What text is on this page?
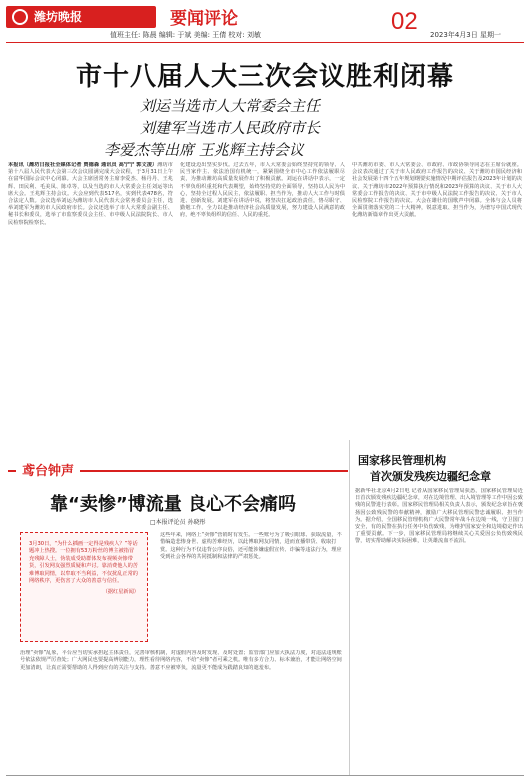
潍坊晚报	要闻评论
值班主任: 陈晨 编辑: 于斌 美编: 王倩 校对: 刘敏	02 2023年4月3日 星期一
市十八届人大三次会议胜利闭幕
刘运当选市人大常委会主任
刘建军当选市人民政府市长
李爱杰等出席 王兆辉主持会议
本报讯（潍坊日报社全媒体记者 贾德森 通讯员 高宁宁 郭文凌）潍坊市第十八届人民代表大会第三次会议圆满完成大会议程，于3月31日上午在富华国际会议中心闭幕。大会主席团常务主席李爱杰、杨丹丹、王兆辉、田民利、毛美凤、陈卓等，以及当选的市人大常委会主任刘运等出席大会。王兆辉主持会议。大会应到代表517名，实到代表478名，符合法定人数。会议选举刘运为潍坊市人民代表大会常务委员会主任，选举刘建军为潍坊市人民政府市长。会议还选举了市人大常委会副主任、秘书长和委员，选举了市监察委员会主任、市中级人民法院院长、市人民检察院检察长。
化建设迈出坚实步伐。过去五年，市人大常委会始终坚持党的领导、人民当家作主、依法治国有机统一，紧紧围绕全市中心工作依法履职尽责，为推动潍坊高质量发展作出了积极贡献。刘运在讲话中表示，一定不辜负组织重托和代表期望，始终坚持党的全面领导，坚持以人民为中心，坚持全过程人民民主，依法履职、担当作为，推动人大工作与时俱进、创新发展。刘建军在讲话中说，将坚决扛起政治责任，恪尽职守、勤勉工作，全力以赴推动经济社会高质量发展，努力建设人民满意的政府，绝不辜负组织的信任、人民的重托。
中共潍坊市委、市人大常委会、市政府、市政协领导同志在主席台就座。会议表决通过了关于市人民政府工作报告的决议、关于潍坊市国民经济和社会发展第十四个五年规划纲要实施情况中期评估报告及2023年计划的决议、关于潍坊市2022年预算执行情况和2023年预算的决议、关于市人大常委会工作报告的决议、关于市中级人民法院工作报告的决议、关于市人民检察院工作报告的决议。大会在雄壮的国歌声中闭幕。全体与会人员将全面贯彻落实党的二十大精神，锐意进取、担当作为，为谱写中国式现代化潍坊新篇章作出更大贡献。
鸢台钟声
靠“卖惨”博流量 良心不会痛吗
□本报评论员 孙晓彤
3月30日，“为什么插画一定得是残疾人？”等话题冲上热搜。一位拥有53万粉丝的博主被指冒充残障人士，伪装成受助群体发布视频卖惨带货，引发网友强烈质疑和声讨。靠消费他人的苦难博取同情，以牟取不当利益，不仅扰乱正常的网络秩序，更伤害了大众的善意与信任。
（据红星新闻）
这些年来，网络上“卖惨”营销时有发生。一些账号为了吸引眼球、获取流量，不惜编造悲惨身世、虚构苦难经历，以此博取网友同情，进而直播带货、收取打赏。这种行为不仅违背公序良俗，还可能涉嫌虚假宣传、诈骗等违法行为，理应受到社会各界的共同抵制和法律的严肃惩处。
治理“卖惨”乱象，平台应当切实承担起主体责任，完善审核机制，对虚假内容及时发现、及时处置；监管部门应加大执法力度，对违法违规账号依法依规严厉查处；广大网民也要提高辨别能力，理性看待网络内容，不给“卖惨”者可乘之机。唯有多方合力、标本兼治，才能让网络空间更加清朗，让真正需要帮助的人得到应有的关注与支持。善意不应被辜负，流量更不能成为践踏良知的遮羞布。
国家移民管理机构
首次颁发残疾边疆纪念章
据新华社北京4月2日电 记者从国家移民管理局获悉，国家移民管理局近日首次颁发残疾边疆纪念章，对在边境管理、出入境管理等工作中因公致残的民警进行表彰。国家移民管理局相关负责人表示，颁发纪念章旨在褒扬因公致残民警的奉献精神，激励广大移民管理民警忠诚履职、担当作为。据介绍，全国移民管理机构广大民警常年战斗在边境一线，守卫国门安全，有的民警在执行任务中负伤致残，为维护国家安全和边境稳定作出了重要贡献。下一步，国家移民管理局将继续关心关爱因公负伤致残民警，切实帮助解决实际困难，让英雄流血不流泪。
